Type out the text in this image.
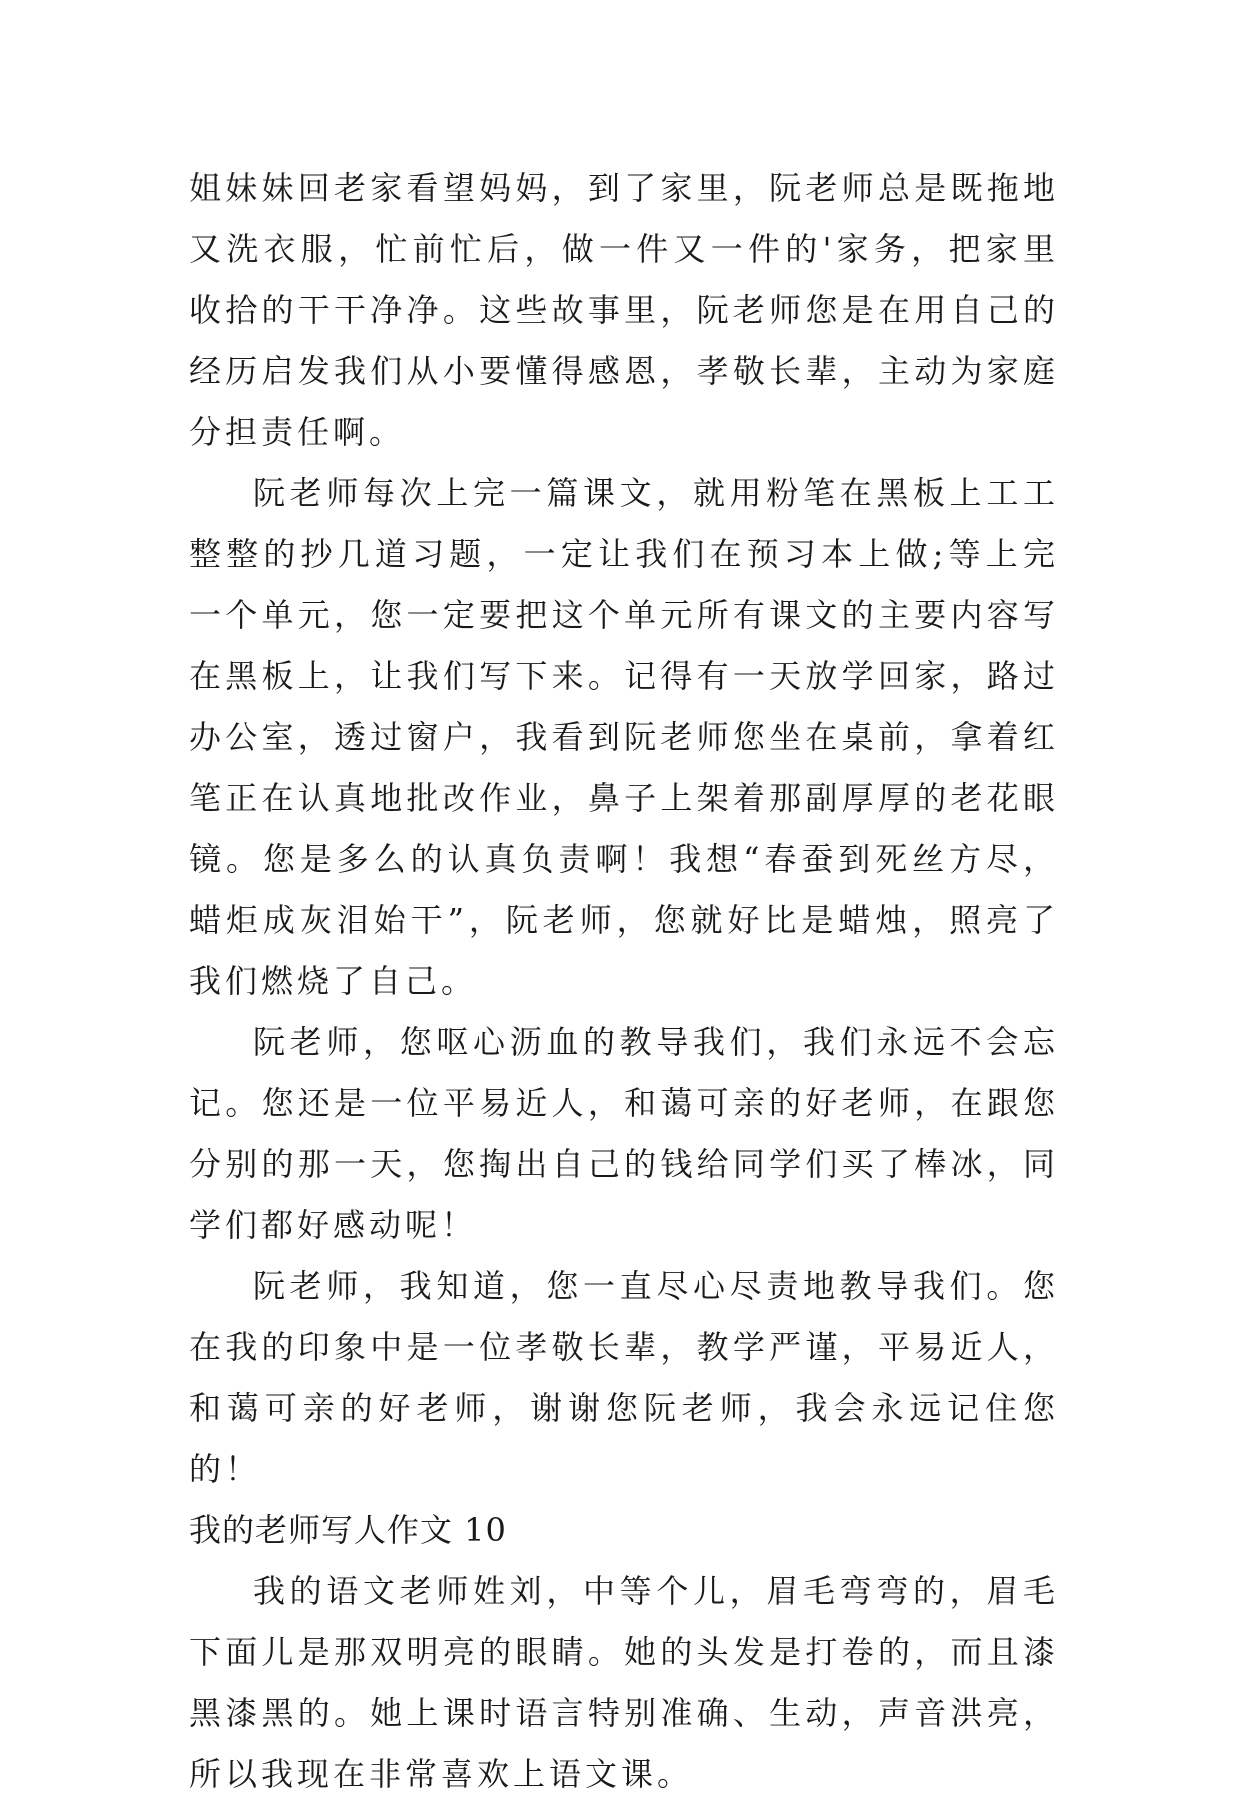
姐妹妹回老家看望妈妈，到了家里，阮老师总是既拖地又洗衣服，忙前忙后，做一件又一件的'家务，把家里收拾的干干净净。这些故事里，阮老师您是在用自己的经历启发我们从小要懂得感恩，孝敬长辈，主动为家庭分担责任啊。

阮老师每次上完一篇课文，就用粉笔在黑板上工工整整的抄几道习题，一定让我们在预习本上做;等上完一个单元，您一定要把这个单元所有课文的主要内容写在黑板上，让我们写下来。记得有一天放学回家，路过办公室，透过窗户，我看到阮老师您坐在桌前，拿着红笔正在认真地批改作业，鼻子上架着那副厚厚的老花眼镜。您是多么的认真负责啊！我想“春蚕到死丝方尽，蜡炬成灰泪始干”，阮老师，您就好比是蜡烛，照亮了我们燃烧了自己。

阮老师，您呕心沥血的教导我们，我们永远不会忘记。您还是一位平易近人，和蔼可亲的好老师，在跟您分别的那一天，您掏出自己的钱给同学们买了棒冰，同学们都好感动呢！

阮老师，我知道，您一直尽心尽责地教导我们。您在我的印象中是一位孝敬长辈，教学严谨，平易近人，和蔼可亲的好老师，谢谢您阮老师，我会永远记住您的！

我的老师写人作文 10

我的语文老师姓刘，中等个儿，眉毛弯弯的，眉毛下面儿是那双明亮的眼睛。她的头发是打卷的，而且漆黑漆黑的。她上课时语言特别准确、生动，声音洪亮，所以我现在非常喜欢上语文课。
